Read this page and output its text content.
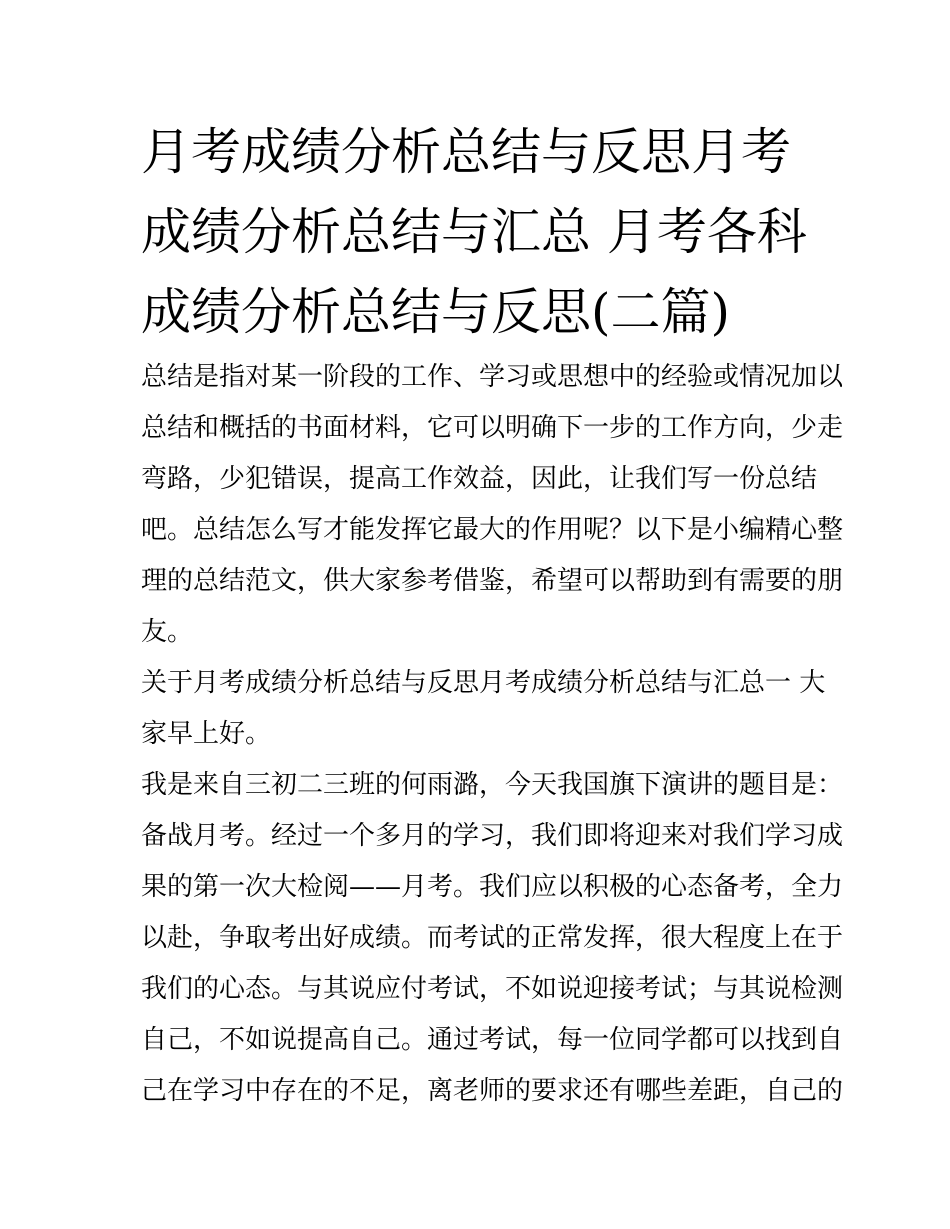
月考成绩分析总结与反思月考
成绩分析总结与汇总 月考各科
成绩分析总结与反思(二篇)
总结是指对某一阶段的工作、学习或思想中的经验或情况加以
总结和概括的书面材料，它可以明确下一步的工作方向，少走
弯路，少犯错误，提高工作效益，因此，让我们写一份总结
吧。总结怎么写才能发挥它最大的作用呢？以下是小编精心整
理的总结范文，供大家参考借鉴，希望可以帮助到有需要的朋
友。
关于月考成绩分析总结与反思月考成绩分析总结与汇总一 大
家早上好。
我是来自三初二三班的何雨潞，今天我国旗下演讲的题目是：
备战月考。经过一个多月的学习，我们即将迎来对我们学习成
果的第一次大检阅——月考。我们应以积极的心态备考，全力
以赴，争取考出好成绩。而考试的正常发挥，很大程度上在于
我们的心态。与其说应付考试，不如说迎接考试；与其说检测
自己，不如说提高自己。通过考试，每一位同学都可以找到自
己在学习中存在的不足，离老师的要求还有哪些差距，自己的
